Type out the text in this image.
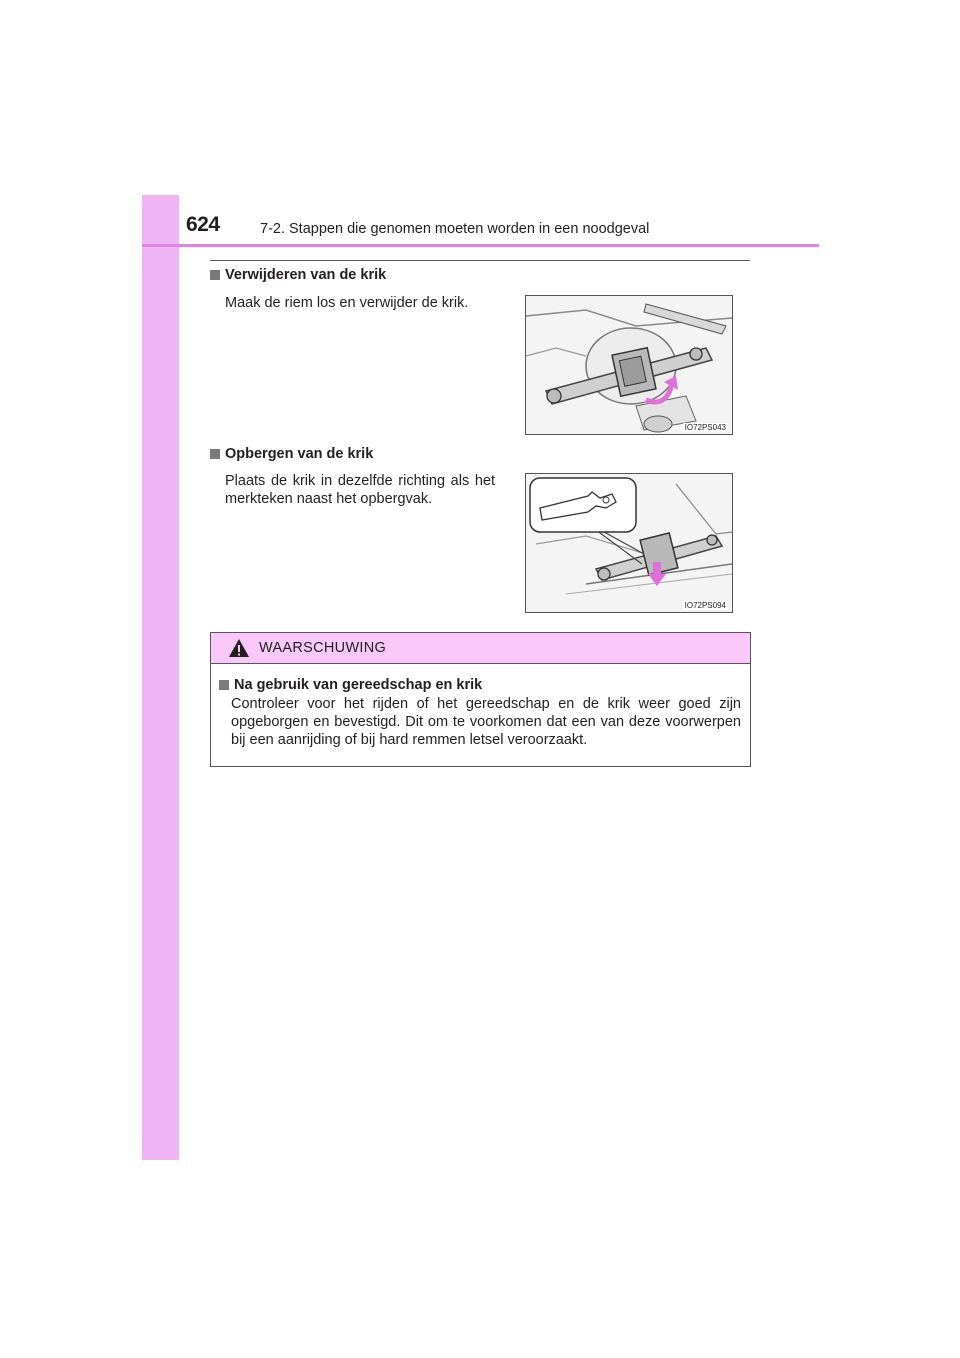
624	7-2. Stappen die genomen moeten worden in een noodgeval
Verwijderen van de krik
Maak de riem los en verwijder de krik.
IO72PS043
Opbergen van de krik
Plaats de krik in dezelfde richting als het merkteken naast het opbergvak.
IO72PS094
WAARSCHUWING
Na gebruik van gereedschap en krik
Controleer voor het rijden of het gereedschap en de krik weer goed zijn opgeborgen en bevestigd. Dit om te voorkomen dat een van deze voorwerpen bij een aanrijding of bij hard remmen letsel veroorzaakt.
